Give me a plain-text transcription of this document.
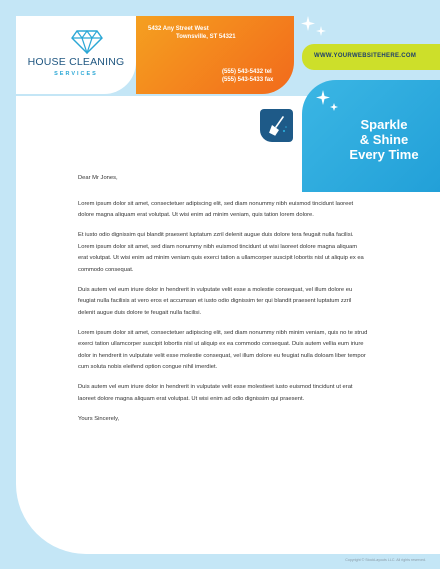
HOUSE CLEANING
SERVICES
5432 Any Street West
Townsville, ST 54321
(555) 543-5432 tel
(555) 543-5433 fax
WWW.YOURWEBSITEHERE.COM
Sparkle
& Shine
Every Time

Dear Mr Jones,

Lorem ipsum dolor sit amet, consectetuer adipiscing elit, sed diam nonummy nibh euismod tincidunt laoreet dolore magna aliquam erat volutpat. Ut wisi enim ad minim veniam, quis tation lorem dolore.

Et iusto odio dignissim qui blandit praesent luptatum zzril delenit augue duis dolore tera feugait nulla facilisi. Lorem ipsum dolor sit amet, sed diam nonummy nibh euismod tincidunt ut wisi laoreet dolore magna aliquam erat volutpat. Ut wisi enim ad minim veniam quis exerci tation a ullamcorper suscipit lobortis nisl ut aliquip ex ea commodo consequat.

Duis autem vel eum iriure dolor in hendrerit in vulputate velit esse a molestie consequat, vel illum dolore eu feugiat nulla facilisis at vero eros et accumsan et iusto odio dignissim ter qui blandit praesent luptatum zzril delenit augue duis dolore te feugait nulla facilisi.

Lorem ipsum dolor sit amet, consectetuer adipiscing elit, sed diam nonummy nibh minim veniam, quis no te strud exerci tation ullamcorper suscipit lobortis nisl ut aliquip ex ea commodo consequat. Duis autem vellia eum iriure dolor in hendrerit in vulputate velit esse molestie consequat, vel illum dolore eu feugiat nulla doloam liber tempor cum soluta nobis eleifend option congue nihil imerdiet.

Duis autem vel eum iriure dolor in hendrerit in vulputate velit esse molestieet iusto euismod tincidunt ut erat laoreet dolore magna aliquam erat volutpat. Ut wisi enim ad odio dignissim qui praesent.

Yours Sincerely,

Copyright © StockLayouts LLC. All rights reserved.
